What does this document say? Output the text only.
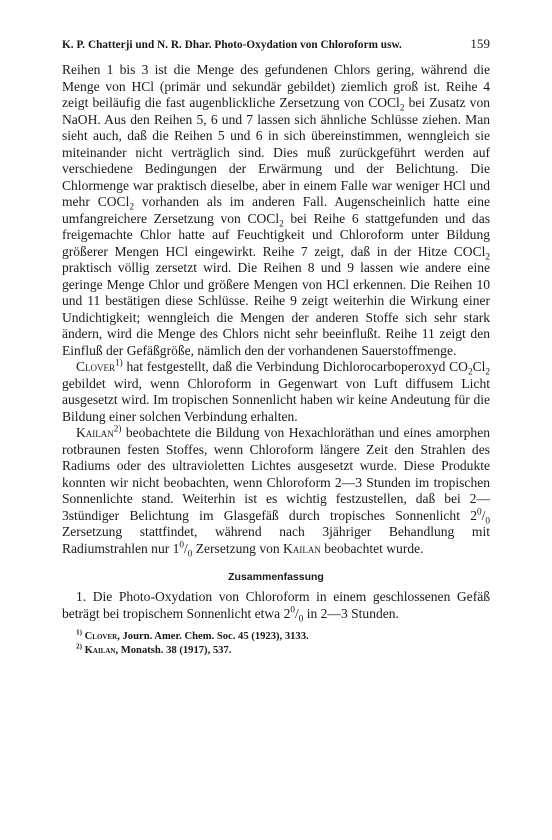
K. P. Chatterji und N. R. Dhar. Photo-Oxydation von Chloroform usw.	159

Reihen 1 bis 3 ist die Menge des gefundenen Chlors gering, während die Menge von HCl (primär und sekundär gebildet) ziemlich groß ist. Reihe 4 zeigt beiläufig die fast augenblickliche Zersetzung von COCl$_2$ bei Zusatz von NaOH. Aus den Reihen 5, 6 und 7 lassen sich ähnliche Schlüsse ziehen. Man sieht auch, daß die Reihen 5 und 6 in sich übereinstimmen, wenngleich sie miteinander nicht verträglich sind. Dies muß zurückgeführt werden auf verschiedene Bedingungen der Erwärmung und der Belichtung. Die Chlormenge war praktisch dieselbe, aber in einem Falle war weniger HCl und mehr COCl$_2$ vorhanden als im anderen Fall. Augenscheinlich hatte eine umfangreichere Zersetzung von COCl$_2$ bei Reihe 6 stattgefunden und das freigemachte Chlor hatte auf Feuchtigkeit und Chloroform unter Bildung größerer Mengen HCl eingewirkt. Reihe 7 zeigt, daß in der Hitze COCl$_2$ praktisch völlig zersetzt wird. Die Reihen 8 und 9 lassen wie andere eine geringe Menge Chlor und größere Mengen von HCl erkennen. Die Reihen 10 und 11 bestätigen diese Schlüsse. Reihe 9 zeigt weiterhin die Wirkung einer Undichtigkeit; wenngleich die Mengen der anderen Stoffe sich sehr stark ändern, wird die Menge des Chlors nicht sehr beeinflußt. Reihe 11 zeigt den Einfluß der Gefäßgröße, nämlich den der vorhandenen Sauerstoffmenge.

Clover$^{1)}$ hat festgestellt, daß die Verbindung Dichlorocarboperoxyd $CO_2Cl_2$ gebildet wird, wenn Chloroform in Gegenwart von Luft diffusem Licht ausgesetzt wird. Im tropischen Sonnenlicht haben wir keine Andeutung für die Bildung einer solchen Verbindung erhalten.

Kailan$^{2)}$ beobachtete die Bildung von Hexachloräthan und eines amorphen rotbraunen festen Stoffes, wenn Chloroform längere Zeit den Strahlen des Radiums oder des ultravioletten Lichtes ausgesetzt wurde. Diese Produkte konnten wir nicht beobachten, wenn Chloroform 2—3 Stunden im tropischen Sonnenlichte stand. Weiterhin ist es wichtig festzustellen, daß bei 2—3stündiger Belichtung im Glasgefäß durch tropisches Sonnenlicht $2^0/_0$ Zersetzung stattfindet, während nach 3jähriger Behandlung mit Radiumstrahlen nur $1^0/_0$ Zersetzung von Kailan beobachtet wurde.

Zusammenfassung

1. Die Photo-Oxydation von Chloroform in einem geschlossenen Gefäß beträgt bei tropischem Sonnenlicht etwa $2^0/_0$ in 2—3 Stunden.

$^{1)}$ Clover, Journ. Amer. Chem. Soc. 45 (1923), 3133.
$^{2)}$ Kailan, Monatsh. 38 (1917), 537.
